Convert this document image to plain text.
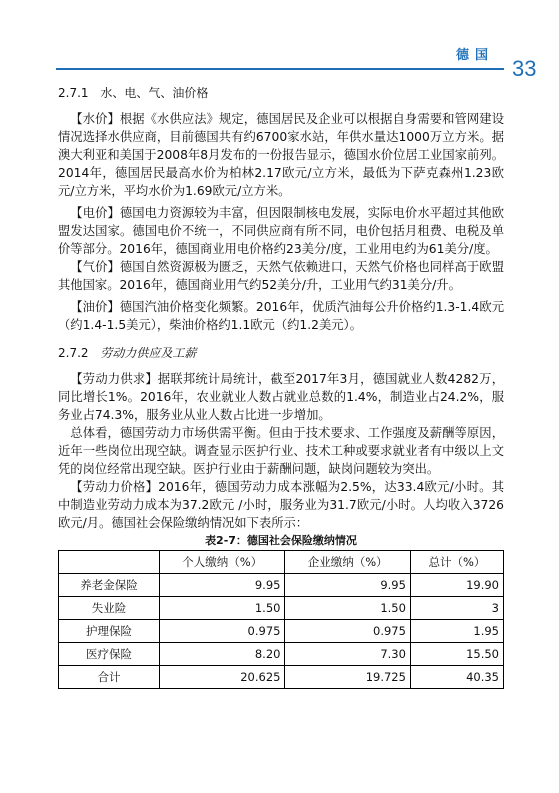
德国
33
2.7.1 水、电、气、油价格

【水价】根据《水供应法》规定，德国居民及企业可以根据自身需要和管网建设情况选择水供应商，目前德国共有约6700家水站，年供水量达1000万立方米。据澳大利亚和美国于2008年8月发布的一份报告显示，德国水价位居工业国家前列。2014年，德国居民最高水价为柏林2.17欧元/立方米，最低为下萨克森州1.23欧元/立方米，平均水价为1.69欧元/立方米。

【电价】德国电力资源较为丰富，但因限制核电发展，实际电价水平超过其他欧盟发达国家。德国电价不统一，不同供应商有所不同，电价包括月租费、电税及单价等部分。2016年，德国商业用电价格约23美分/度，工业用电约为61美分/度。

【气价】德国自然资源极为匮乏，天然气依赖进口，天然气价格也同样高于欧盟其他国家。2016年，德国商业用气约52美分/升，工业用气约31美分/升。

【油价】德国汽油价格变化频繁。2016年，优质汽油每公升价格约1.3-1.4欧元（约1.4-1.5美元），柴油价格约1.1欧元（约1.2美元）。

2.7.2 劳动力供应及工薪

【劳动力供求】据联邦统计局统计，截至2017年3月，德国就业人数4282万，同比增长1%。2016年，农业就业人数占就业总数的1.4%，制造业占24.2%，服务业占74.3%，服务业从业人数占比进一步增加。

总体看，德国劳动力市场供需平衡。但由于技术要求、工作强度及薪酬等原因，近年一些岗位出现空缺。调查显示医护行业、技术工种或要求就业者有中级以上文凭的岗位经常出现空缺。医护行业由于薪酬问题，缺岗问题较为突出。

【劳动力价格】2016年，德国劳动力成本涨幅为2.5%，达33.4欧元/小时。其中制造业劳动力成本为37.2欧元 /小时，服务业为31.7欧元/小时。人均收入3726欧元/月。德国社会保险缴纳情况如下表所示：

表2-7：德国社会保险缴纳情况
	个人缴纳（%）	企业缴纳（%）	总计（%）
养老金保险	9.95	9.95	19.90
失业险	1.50	1.50	3
护理保险	0.975	0.975	1.95
医疗保险	8.20	7.30	15.50
合计	20.625	19.725	40.35
